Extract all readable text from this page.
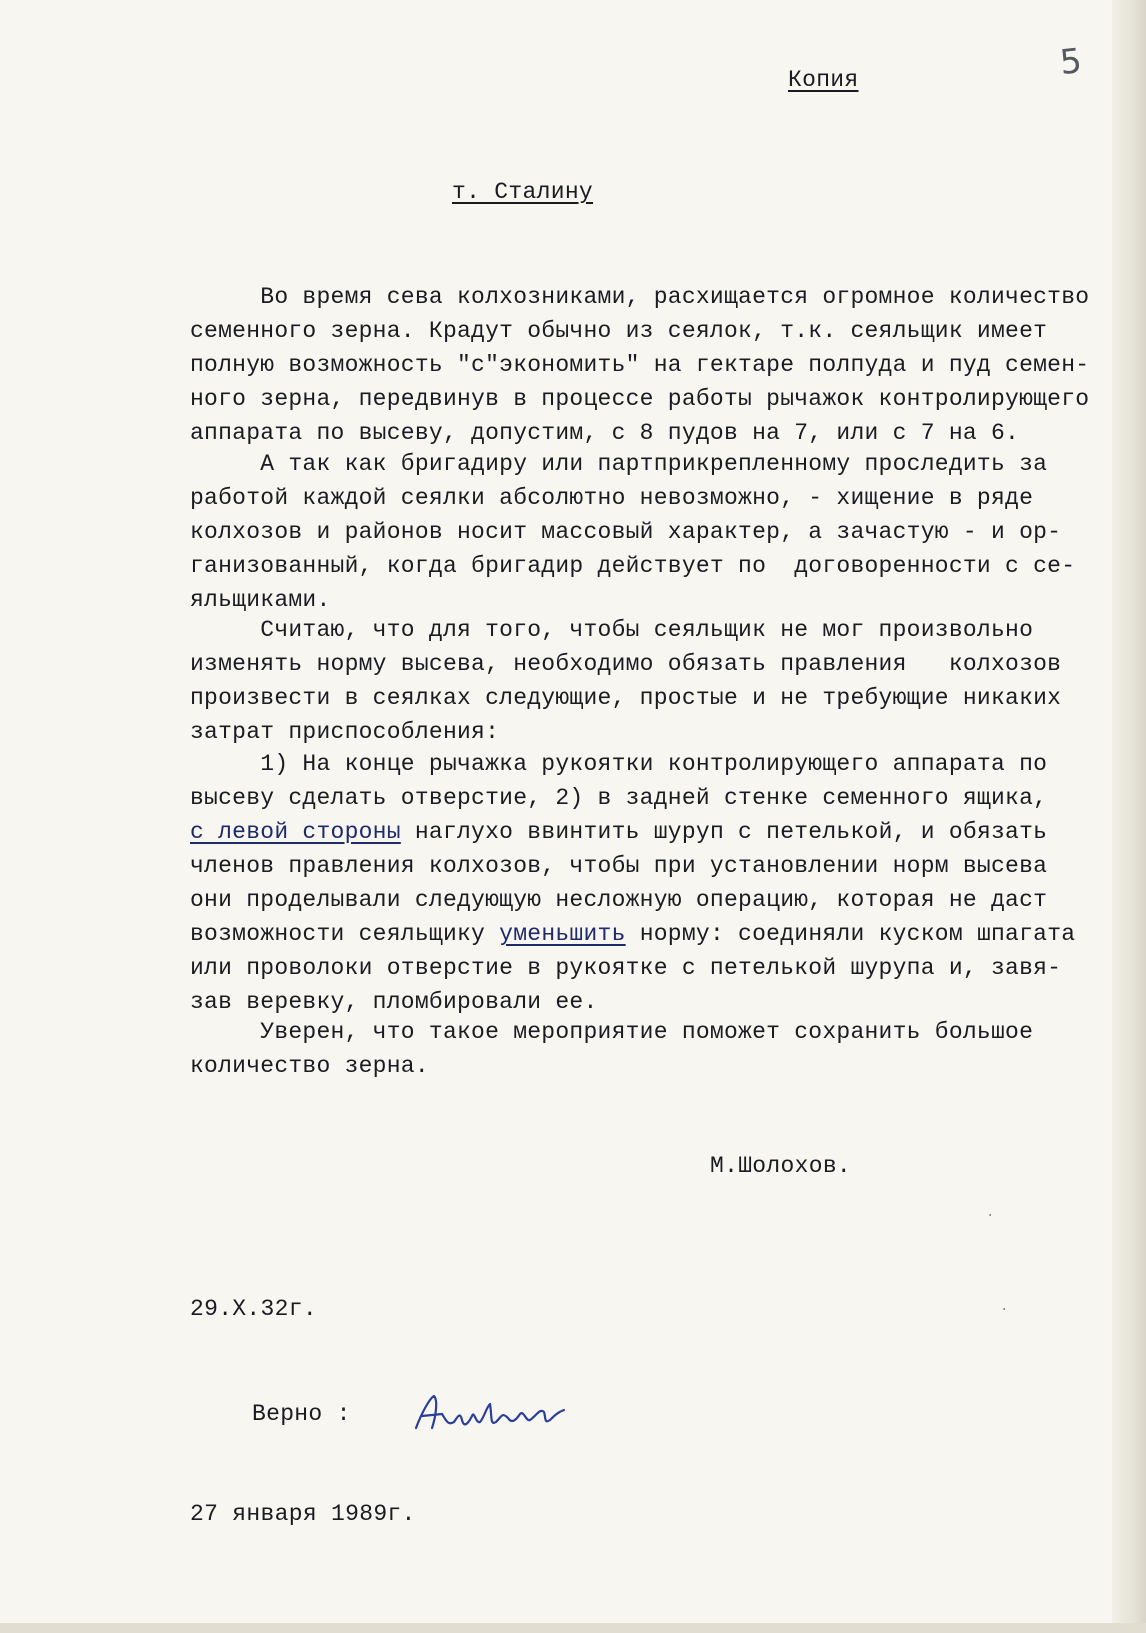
5
Копия
т. Сталину

Во время сева колхозниками, расхищается огромное количество

семенного зерна. Крадут обычно из сеялок, т.к. сеяльщик имеет

полную возможность "с"экономить" на гектаре полпуда и пуд семен-

ного зерна, передвинув в процессе работы рычажок контролирующего

аппарата по высеву, допустим, с 8 пудов на 7, или с 7 на 6.

А так как бригадиру или партприкрепленному проследить за

работой каждой сеялки абсолютно невозможно, - хищение в ряде

колхозов и районов носит массовый характер, а зачастую - и ор-

ганизованный, когда бригадир действует по  договоренности с се-

яльщиками.

Считаю, что для того, чтобы сеяльщик не мог произвольно

изменять норму высева, необходимо обязать правления   колхозов

произвести в сеялках следующие, простые и не требующие никаких

затрат приспособления:

1) На конце рычажка рукоятки контролирующего аппарата по

высеву сделать отверстие, 2) в задней стенке семенного ящика,

с левой стороны наглухо ввинтить шуруп с петелькой, и обязать

членов правления колхозов, чтобы при установлении норм высева

они проделывали следующую несложную операцию, которая не даст

возможности сеяльщику уменьшить норму: соединяли куском шпагата

или проволоки отверстие в рукоятке с петелькой шурупа и, завя-

зав веревку, пломбировали ее.

Уверен, что такое мероприятие поможет сохранить большое

количество зерна.

М.Шолохов.
29.Х.32г.
Верно :
27 января 1989г.
·
·
